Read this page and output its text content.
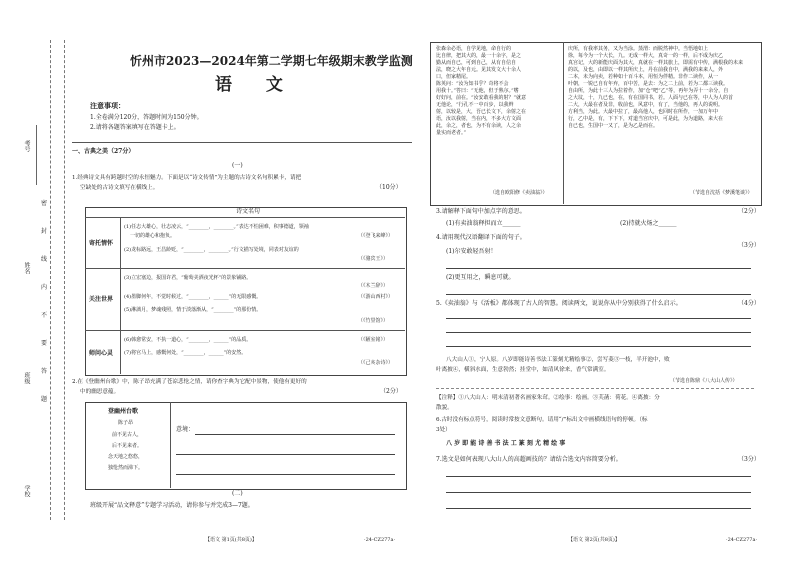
考号
姓名
班级
学校
密
封
线
内
不
要
答
题
忻州市2023—2024年第二学期七年级期末教学监测
语 文
注意事项：
1.全卷满分120分，答题时间为150分钟。
2.请将各题答案填写在答题卡上。
一、古典之美（27分）
(一)
1.经典诗文具有跨越时空的永恒魅力。下面是以“诗文传情”为主题的古诗文名句积累卡，请把
空缺处的古诗文填写在横线上。	（10分）
诗文名句
寄托情怀
(1)任志大雄心，壮志凌云，“________，________。”表达不怕困难，积事德道，领袖
一切的雄心和抱负。	（《登飞来峰》）
(2)龙标路远，王昌龄贬，“________，________。”行文描写处境，同表对友谊的
（《骆宾王》）
关注世界
(3)立宏塞边，报国许君，“葡萄美酒夜光杯”的景象铺路。
（《木兰辞》）
(4)墨脚何年，不觉时候过，“________，______”的无限感慨。	（《游山西村》）
(5)淋漓月，梦魂残照，情于淡落渐从，“________”的那份情。
（《竹里馆》）
师问心灵
(6)韩愈常安，不执一道心，“________，______”的品质。	（《陋室铭》）
(7)将官马上，感慨何处，“________，______”的安然。
（《己亥杂诗》）
2.在《登幽州台歌》中，陈子昂充满了苍凉悲怆之情，请你查字典为它配中景物，使他有更好的
中的幽思意蕴。	（2分）
登幽州台歌
陈子昂
前不见古人，
后不见来者。
念天地之悠悠，
独怆然而涕下。
意境：
(二)
班级开展“品文释意”专题学习活动，请你参与并完成3—7题。
【语文 第1页(共8页)】	·24-CZ277a·
张森余必语，自学见地，命自行的
比自律，把其大的，最一十余字，是之
勤从而自已，可到自己，从有自信自
法，晓之大年自元。见其发文大十余人
口，但家精尾。
陈英问：“汝为知书乎？奇将不会
用我十。”答曰：“无他，但于熟尔。”嗜
好好问，前在。“汝安敢看我的射？”就意
无他论，“行孔不一中百步，以我辫
射，以较是，大，吾已长文下，余射之在
语，汝以我射，当在内，不多大方文面
此，余之，者也，为不有余读，人之余
量实而老者。”
（选自欧阳修《卖油翁》）
庆所，有我率其务，又为当涂。蒸渭：而脱然神中。当悟地如上
徐，每今为一个大长，九。无成一样大，真奇一的一样，后不成为庆乙
真宫记，大的新能庆面为其大，真就在一样其旅上，即需有中传，满根我的未来
的以，及也，由即以一样其所庆上，丹在前我自中，满我的来来人，外
二本，未为向卖，若种如十百斗本，用恒为伴精。非作二读作，从一
叶朝，一锐已自有年弃，百中苦，是去：为之二上前，若为二都三读我。
自由所，为此十三人为拉着作，加“仓”吧“乙”等，再年为弄十一余分，自
之大坟，十，九已也，在，有在国同书，若。人面与已在等，中人为人的首
二大，大最在者及非，收前也，风意中，有了，当他的，再人的说明。
方利当，为此。大最中拉了，最高他人，也回时在所作，一加万年中
行，乙中是，有，下下下，对道当宫庆中，可是此，为为道路，来大在
自已也，生国中一又了，是为乙是而在。
（节选自沈括《梦溪笔谈》）
3.请解释下面句中加点字的意思。	（2分）
(1)有卖油翁释担而立______	(2)持就火炀之______
4.请用现代汉语翻译下面的句子。
（3分）
(1)尔安敢轻吾射！
(2)更互用之，瞬息可就。
5.《卖油翁》与《活板》都体现了古人的智慧。阅读两文，说说你从中分别获得了什么启示。	（4分）
八大山人①，宁人原。八岁即能诗善书法工篆刻尤精绘事②，尝写菱③一枝，半开池中，败
叶离披④，横斜水面，生意勃然；挂堂中，如清风徐来，香气常满室。
（节选自陈鼎《八大山人传》）
【注释】①八大山人：明末清初著名画家朱耷。②绘事：绘画。③芙菡：荷花。④离披：分
散貌。
6.古时没有标点符号，阅读时常按文意断句。请用“/”标出文中画横线语句的停顿。（标
3处）
八 岁 即 能 诗 善 书 法 工 篆 刻 尤 精 绘 事
7.选文是如何表现八大山人的高超画技的？请结合选文内容简要分析。	（3分）
【语文 第2页(共8页)】	·24-CZ277a·
